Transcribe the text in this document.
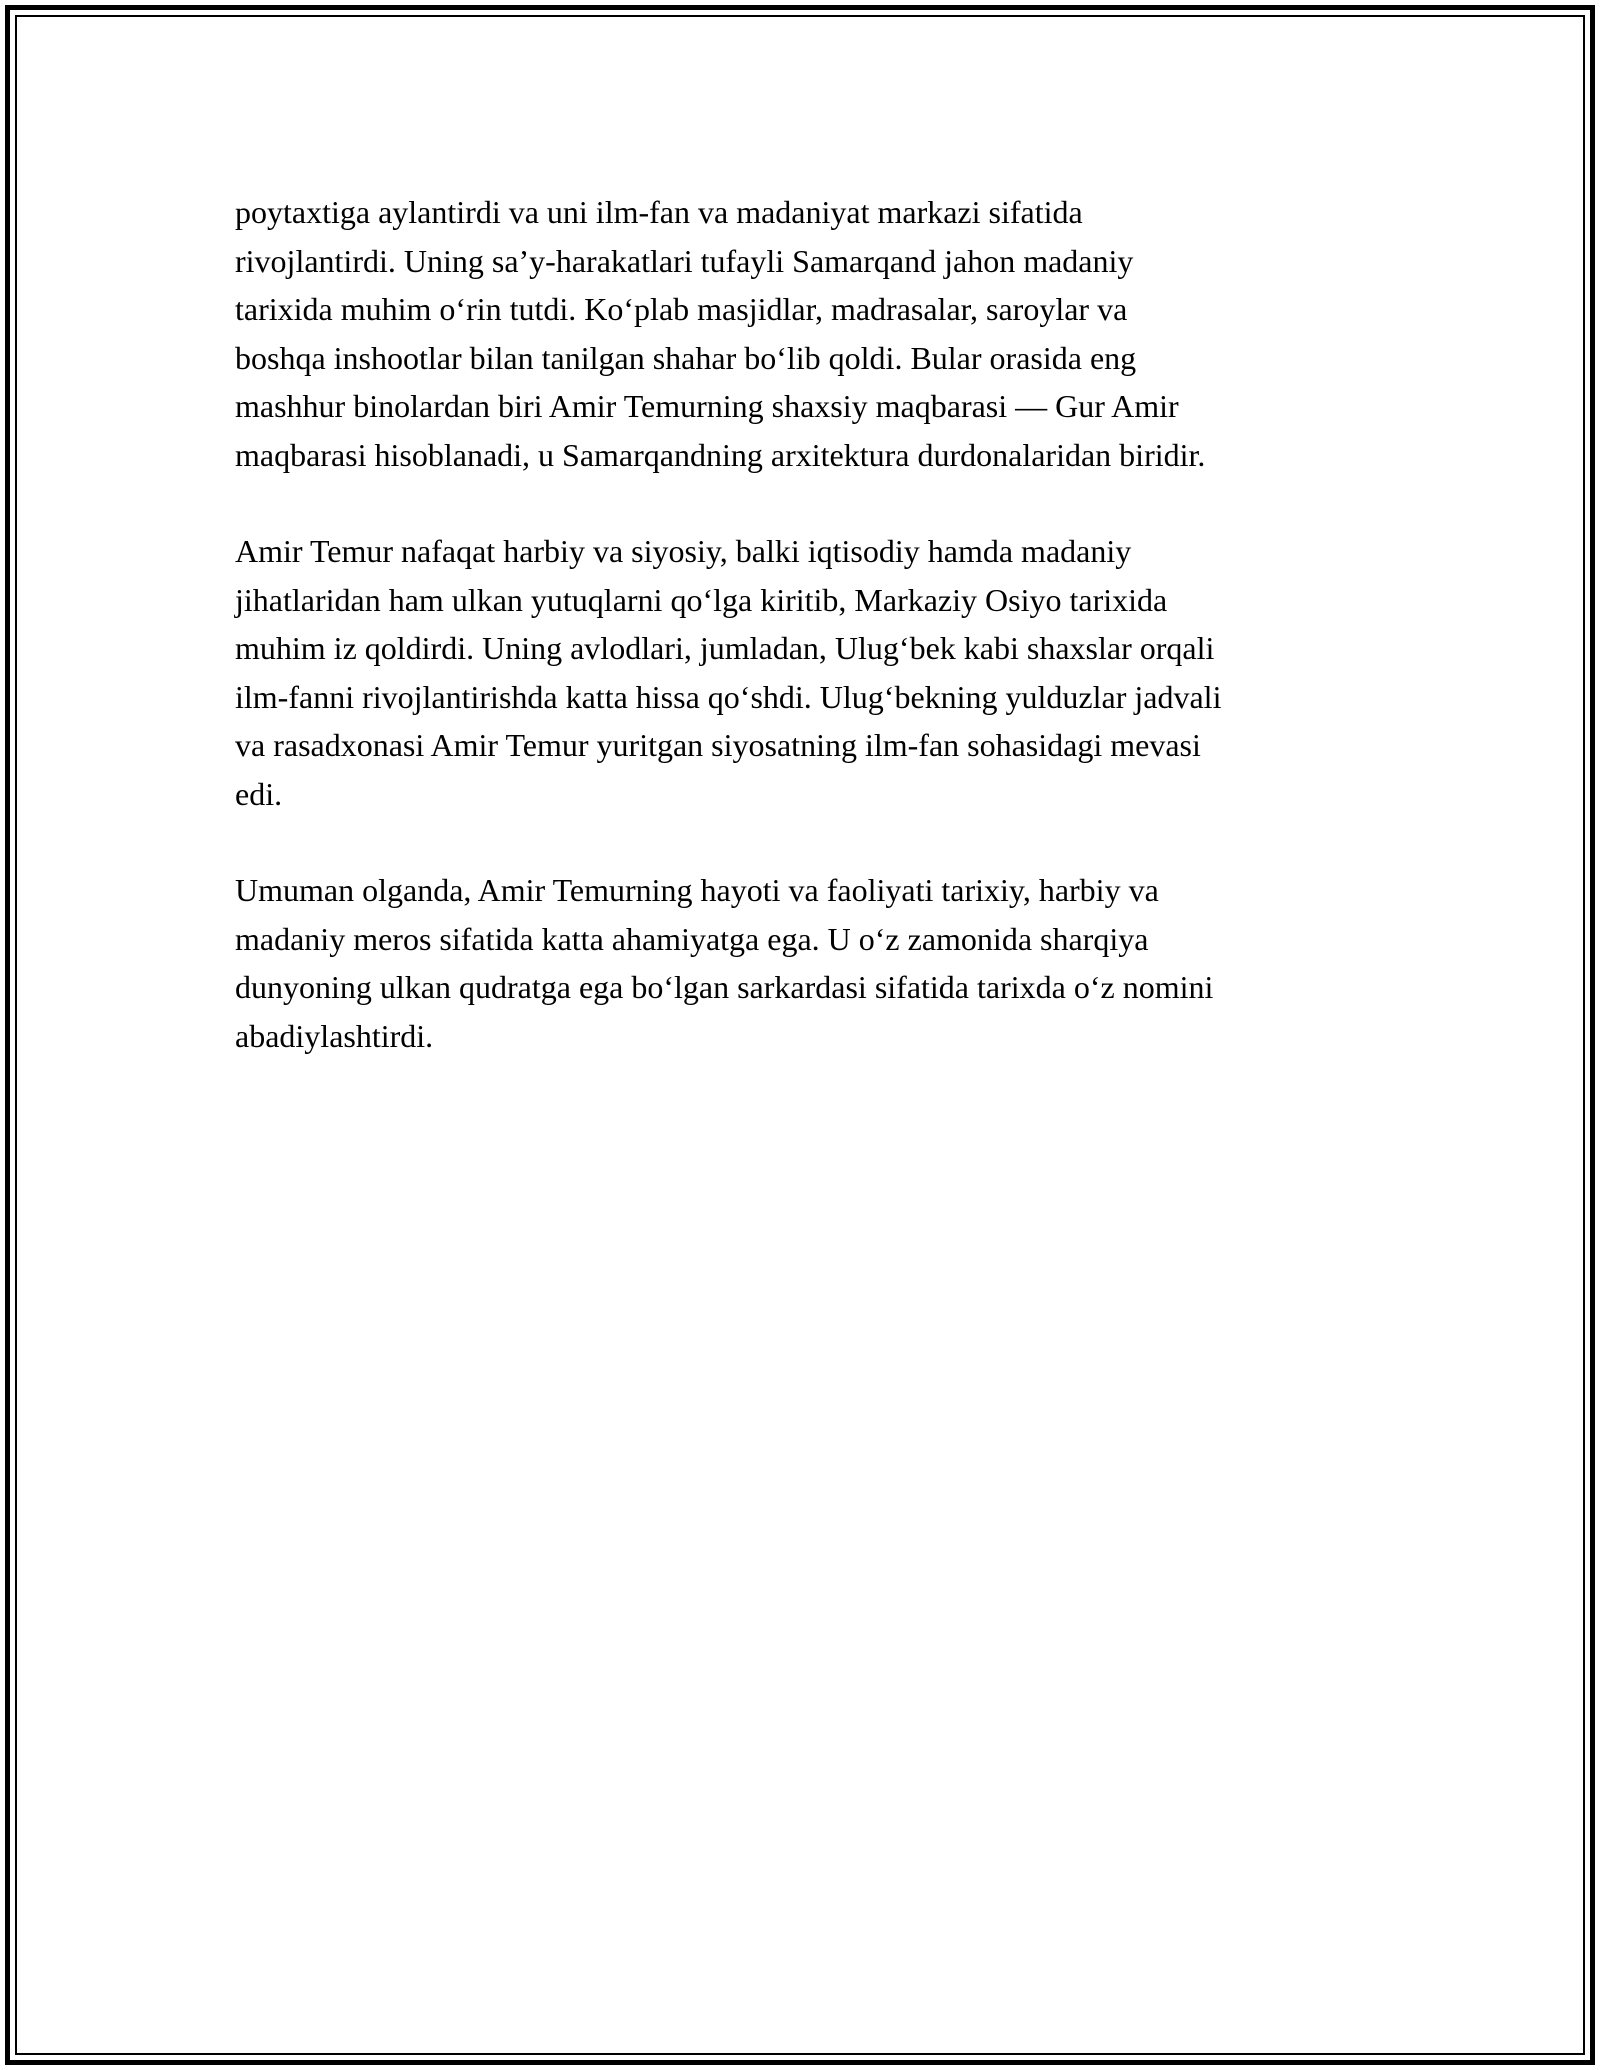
poytaxtiga aylantirdi va uni ilm-fan va madaniyat markazi sifatida
rivojlantirdi. Uning sa’y-harakatlari tufayli Samarqand jahon madaniy
tarixida muhim o‘rin tutdi. Ko‘plab masjidlar, madrasalar, saroylar va
boshqa inshootlar bilan tanilgan shahar bo‘lib qoldi. Bular orasida eng
mashhur binolardan biri Amir Temurning shaxsiy maqbarasi — Gur Amir
maqbarasi hisoblanadi, u Samarqandning arxitektura durdonalaridan biridir.

Amir Temur nafaqat harbiy va siyosiy, balki iqtisodiy hamda madaniy
jihatlaridan ham ulkan yutuqlarni qo‘lga kiritib, Markaziy Osiyo tarixida
muhim iz qoldirdi. Uning avlodlari, jumladan, Ulug‘bek kabi shaxslar orqali
ilm-fanni rivojlantirishda katta hissa qo‘shdi. Ulug‘bekning yulduzlar jadvali
va rasadxonasi Amir Temur yuritgan siyosatning ilm-fan sohasidagi mevasi
edi.

Umuman olganda, Amir Temurning hayoti va faoliyati tarixiy, harbiy va
madaniy meros sifatida katta ahamiyatga ega. U o‘z zamonida sharqiya
dunyoning ulkan qudratga ega bo‘lgan sarkardasi sifatida tarixda o‘z nomini
abadiylashtirdi.
